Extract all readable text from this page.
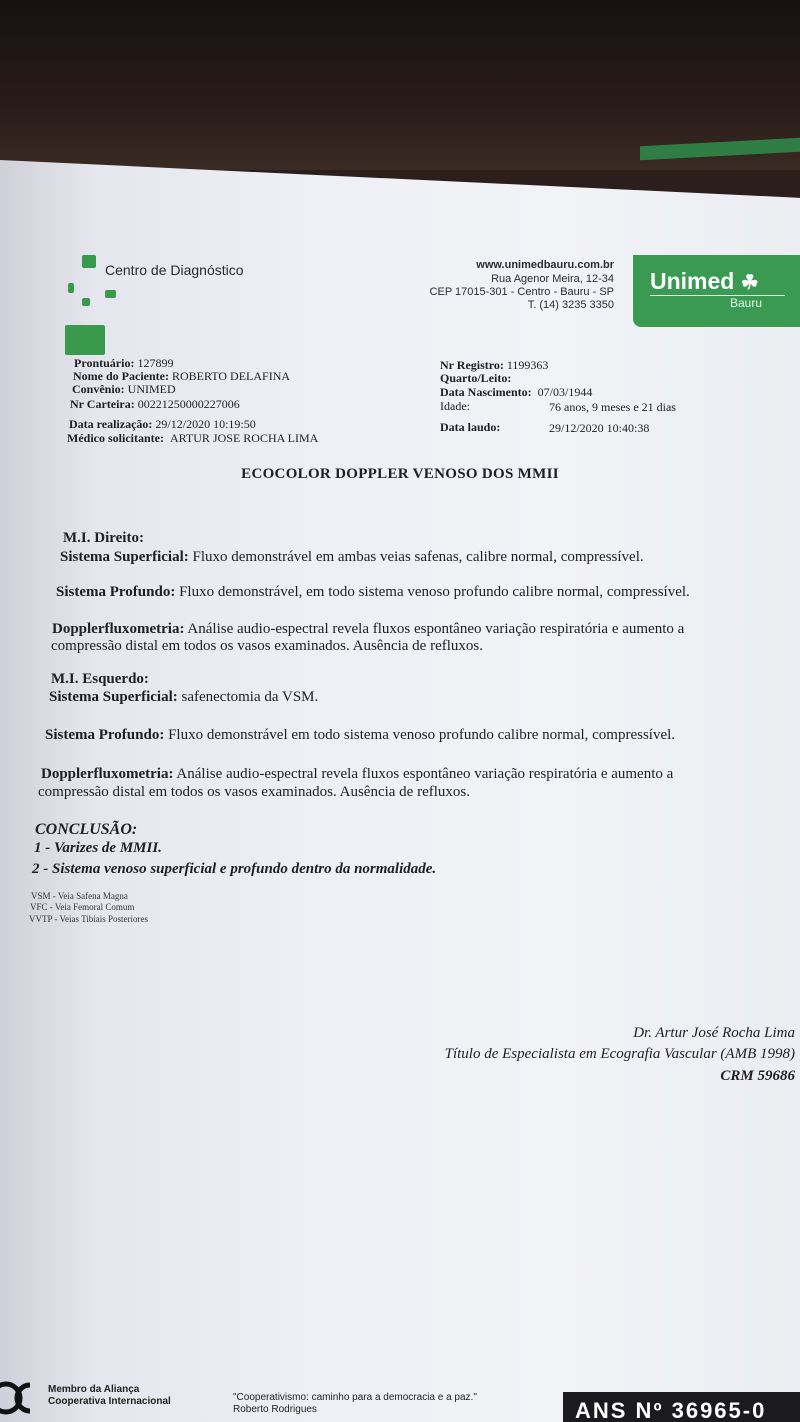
Centro de Diagnóstico	www.unimedbauru.com.br

Rua Agenor Meira, 12-34

CEP 17015-301 - Centro - Bauru - SP

T. (14) 3235 3350

Unimed ☘

Bauru

Prontuário: 127899

Nome do Paciente: ROBERTO DELAFINA

Convênio: UNIMED

Nr Carteira: 00221250000227006

Data realização: 29/12/2020 10:19:50

Médico solicitante: ARTUR JOSE ROCHA LIMA

Nr Registro: 1199363

Quarto/Leito:

Data Nascimento: 07/03/1944

Idade:	76 anos, 9 meses e 21 dias

Data laudo:	29/12/2020 10:40:38

ECOCOLOR DOPPLER VENOSO DOS MMII

M.I. Direito:

Sistema Superficial: Fluxo demonstrável em ambas veias safenas, calibre normal, compressível.

Sistema Profundo: Fluxo demonstrável, em todo sistema venoso profundo calibre normal, compressível.

Dopplerfluxometria: Análise audio-espectral revela fluxos espontâneo variação respiratória e aumento a

compressão distal em todos os vasos examinados. Ausência de refluxos.

M.I. Esquerdo:

Sistema Superficial: safenectomia da VSM.

Sistema Profundo: Fluxo demonstrável em todo sistema venoso profundo calibre normal, compressível.

Dopplerfluxometria: Análise audio-espectral revela fluxos espontâneo variação respiratória e aumento a

compressão distal em todos os vasos examinados. Ausência de refluxos.

CONCLUSÃO:

1 - Varizes de MMII.

2 - Sistema venoso superficial e profundo dentro da normalidade.

VSM - Veia Safena Magna

VFC - Veia Femoral Comum

VVTP - Veias Tibiais Posteriores

Dr. Artur José Rocha Lima

Título de Especialista em Ecografia Vascular (AMB 1998)

CRM 59686

Membro da Aliança

Cooperativa Internacional	"Cooperativismo: caminho para a democracia e a paz."

Roberto Rodrigues	ANS Nº 36965-0
